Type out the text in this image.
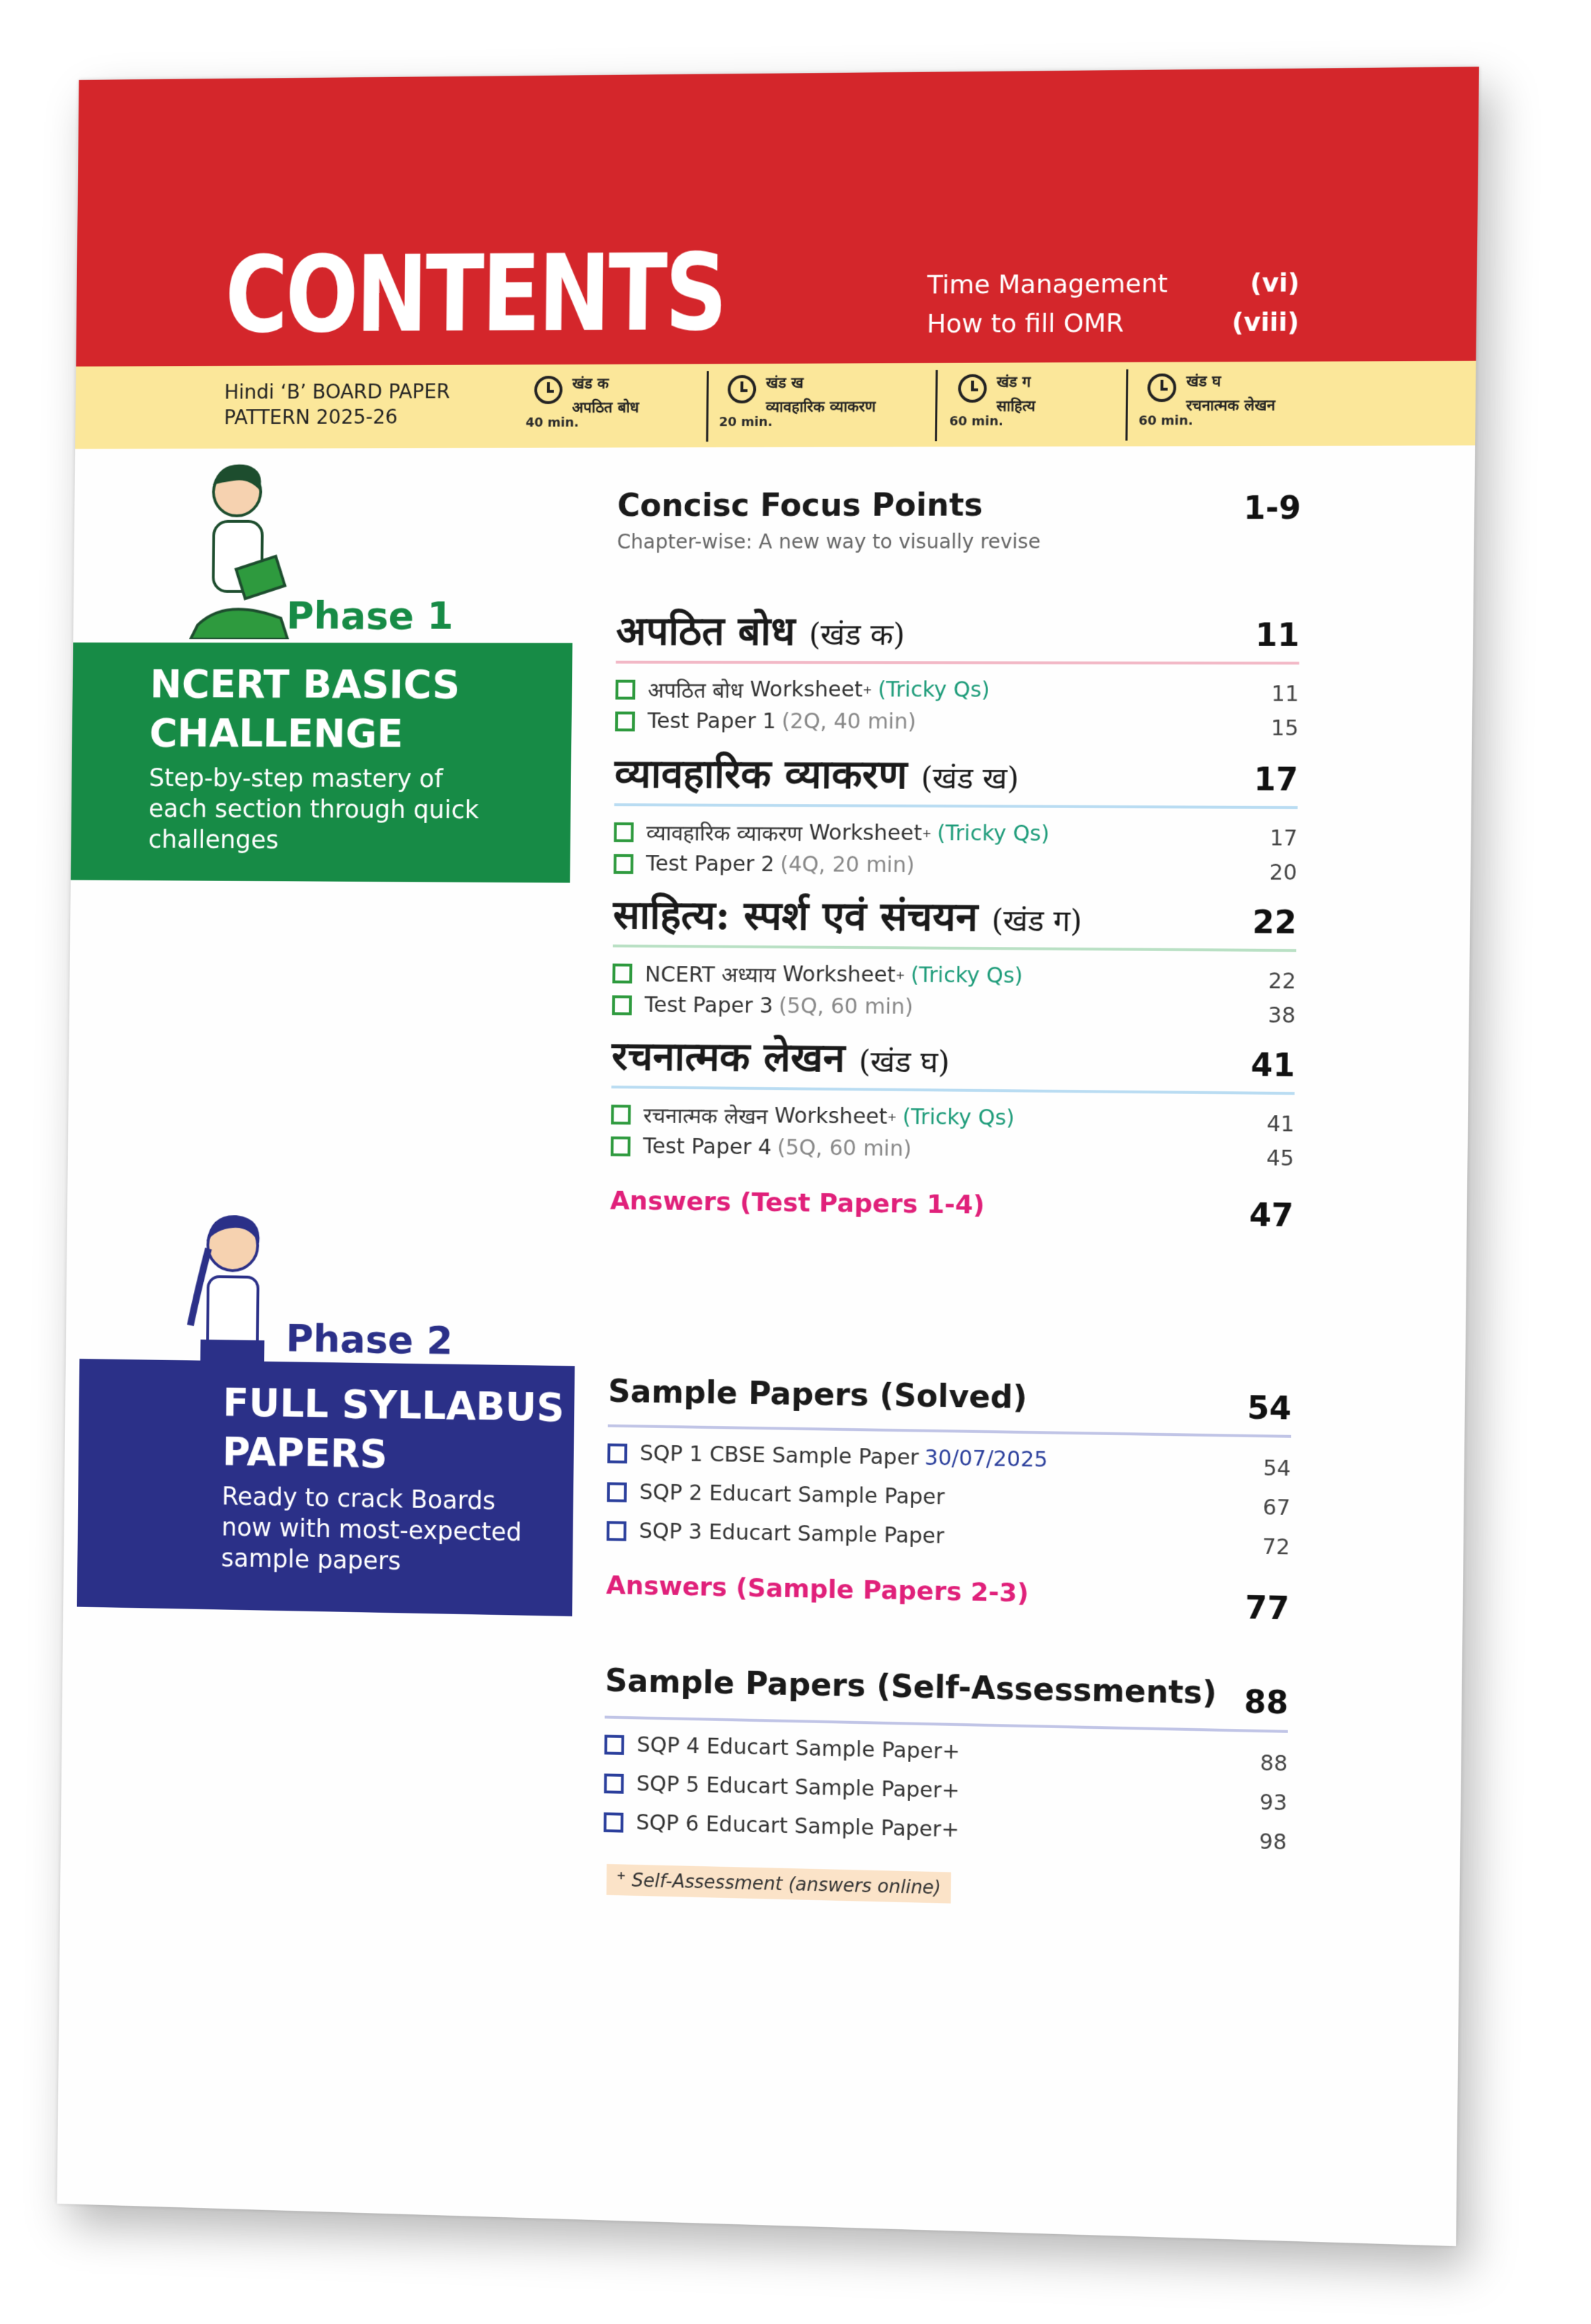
CONTENTS	Time Management	(vi)
How to fill OMR	(viii)
Hindi ‘B’ BOARD PAPER
PATTERN 2025-26
खंड क
अपठित बोध
40 min.
खंड ख
व्यावहारिक व्याकरण
20 min.
खंड ग
साहित्य
60 min.
खंड घ
रचनात्मक लेखन
60 min.
Phase 1
NCERT BASICS
CHALLENGE
Step-by-step mastery of
each section through quick
challenges
Phase 2
FULL SYLLABUS
PAPERS
Ready to crack Boards
now with most-expected
sample papers
Concisc Focus Points
Chapter-wise: A new way to visually revise
1-9
अपठित बोध (खंड क)	11
अपठित बोध
Worksheet + (Tricky Qs)	11
Test Paper 1 (2Q, 40 min)	15
व्यावहारिक व्याकरण (खंड ख)	17
व्यावहारिक व्याकरण
Worksheet + (Tricky Qs)	17
Test Paper 2 (4Q, 20 min)	20
साहित्य: स्पर्श एवं संचयन (खंड ग)	22
NCERT अध्याय
Worksheet + (Tricky Qs)	22
Test Paper 3 (5Q, 60 min)	38
रचनात्मक लेखन (खंड घ)	41
रचनात्मक लेखन
Worksheet + (Tricky Qs)	41
Test Paper 4 (5Q, 60 min)	45
Answers (Test Papers 1-4)	47
Sample Papers (Solved)	54
SQP 1 CBSE Sample Paper 30/07/2025	54
SQP 2 Educart Sample Paper	67
SQP 3 Educart Sample Paper	72
Answers (Sample Papers 2-3)
77
Sample Papers (Self-Assessments) 88
SQP 4 Educart Sample Paper+	88
SQP 5 Educart Sample Paper+	93
SQP 6 Educart Sample Paper+	98
+ Self-Assessment (answers online)
